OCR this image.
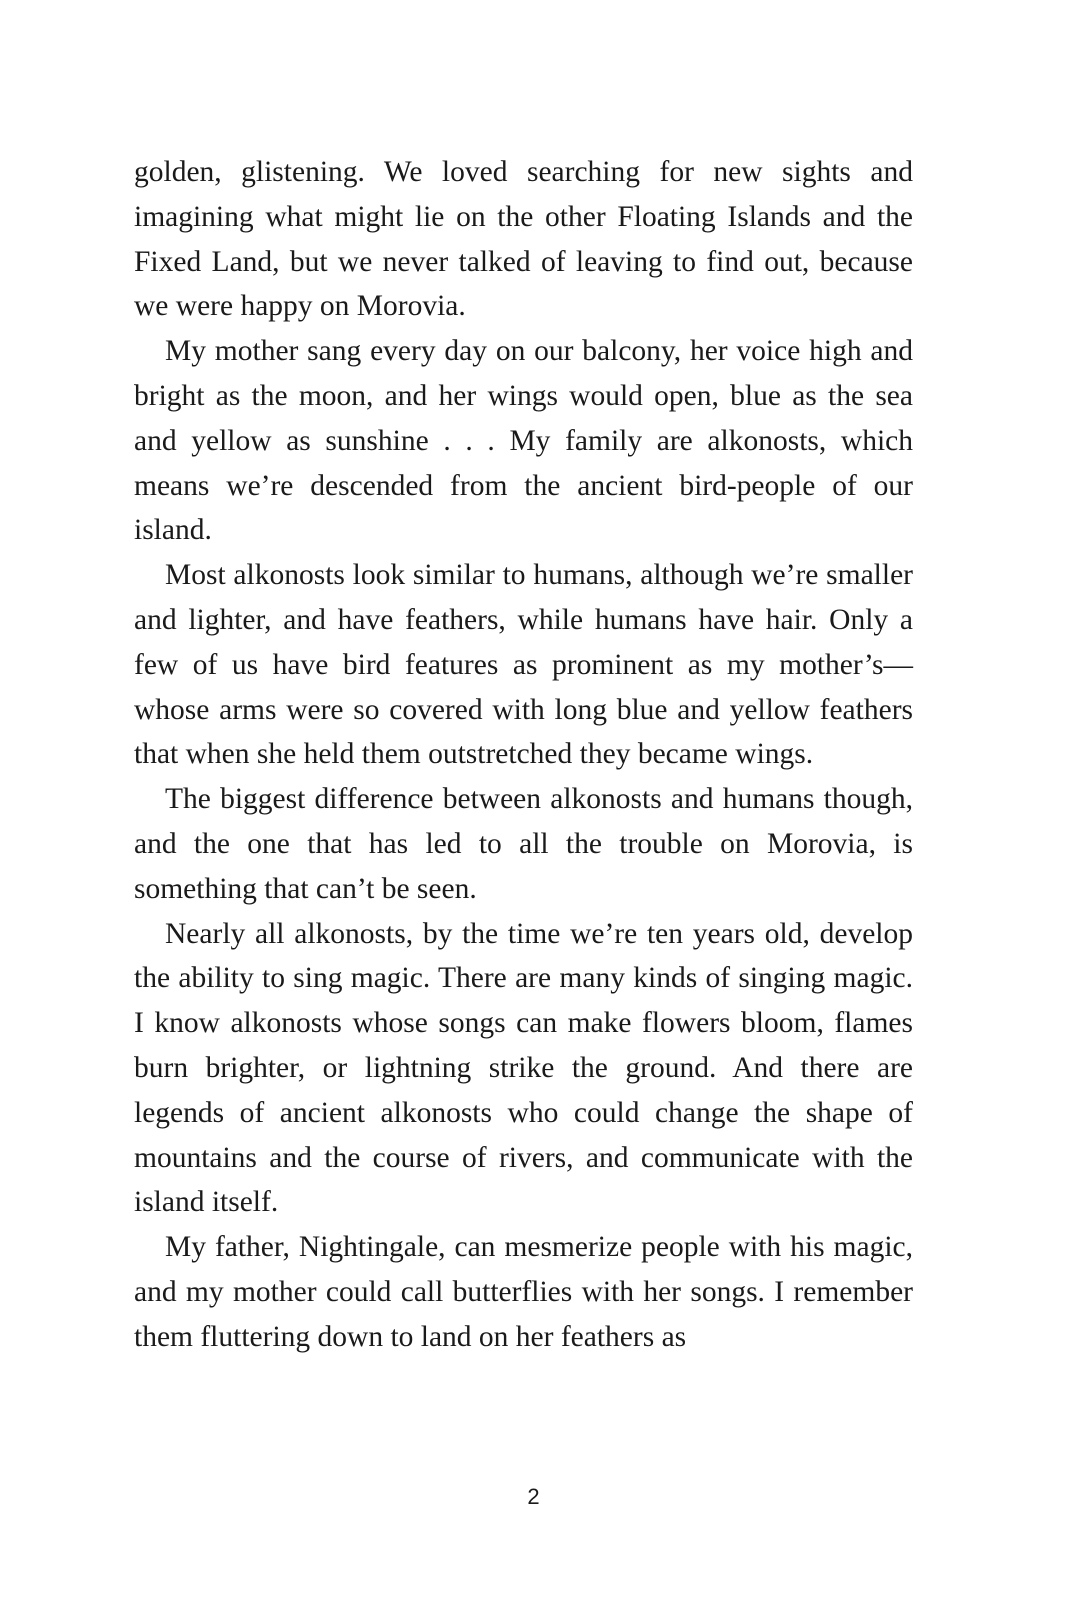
golden, glistening. We loved searching for new sights and imagining what might lie on the other Floating Islands and the Fixed Land, but we never talked of leaving to find out, because we were happy on Morovia.

My mother sang every day on our balcony, her voice high and bright as the moon, and her wings would open, blue as the sea and yellow as sunshine . . . My family are alkonosts, which means we’re descended from the ancient bird-people of our island.

Most alkonosts look similar to humans, although we’re smaller and lighter, and have feathers, while humans have hair. Only a few of us have bird features as prominent as my mother’s—whose arms were so covered with long blue and yellow feathers that when she held them outstretched they became wings.

The biggest difference between alkonosts and humans though, and the one that has led to all the trouble on Morovia, is something that can’t be seen.

Nearly all alkonosts, by the time we’re ten years old, develop the ability to sing magic. There are many kinds of singing magic. I know alkonosts whose songs can make flowers bloom, flames burn brighter, or lightning strike the ground. And there are legends of ancient alkonosts who could change the shape of mountains and the course of rivers, and communicate with the island itself.

My father, Nightingale, can mesmerize people with his magic, and my mother could call butterflies with her songs. I remember them fluttering down to land on her feathers as

2
